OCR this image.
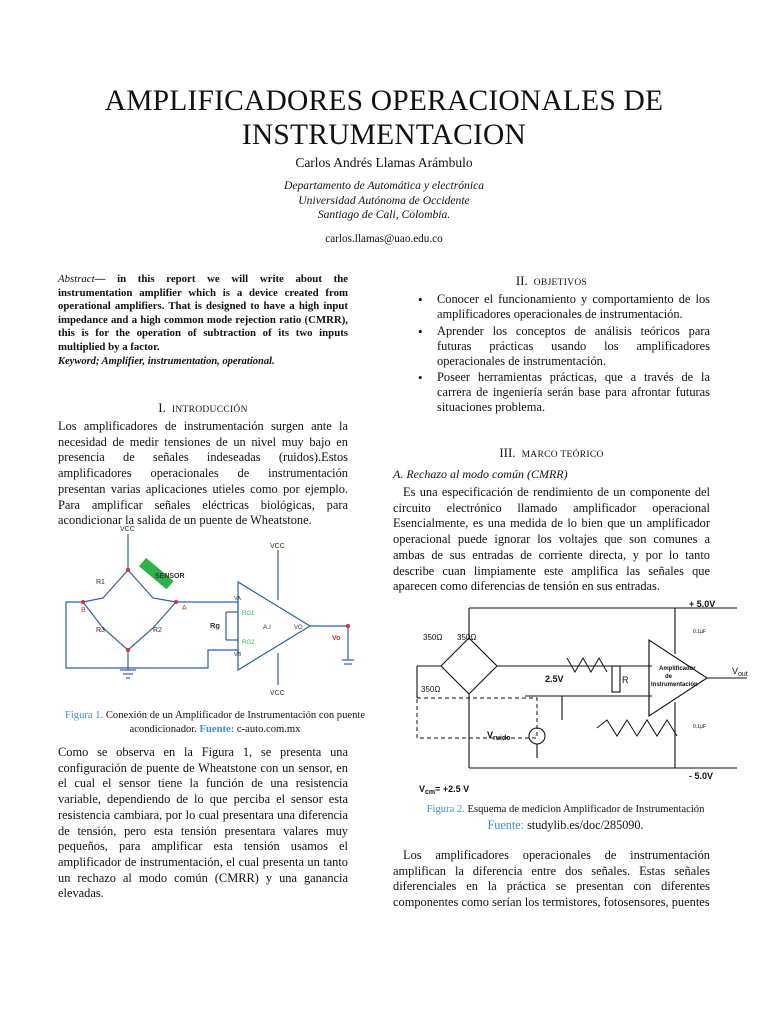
AMPLIFICADORES OPERACIONALES DE
INSTRUMENTACION
Carlos Andrés Llamas Arámbulo
Departamento de Automática y electrónica
Universidad Autónoma de Occidente
Santiago de Cali, Colombia.
carlos.llamas@uao.edu.co
Abstract— in this report we will write about the instrumentation amplifier which is a device created from operational amplifiers. That is designed to have a high input impedance and a high common mode rejection ratio (CMRR), this is for the operation of subtraction of its two inputs multiplied by a factor.
Keyword; Amplifier, instrumentation, operational.
I. INTRODUCCIÓN
Los amplificadores de instrumentación surgen ante la necesidad de medir tensiones de un nivel muy bajo en presencia de señales indeseadas (ruidos).Estos amplificadores operacionales de instrumentación presentan varias aplicaciones utieles como por ejemplo. Para amplificar señales eléctricas biológicas, para acondicionar la salida de un puente de Wheatstone.
VCC
VCC
VCC
SENSOR
R1
R2
R3
A
B
Rg
RG1
RG2
A.I	VO
VA
VB
Vo
Figura 1. Conexión de un Amplificador de Instrumentación con puente acondicionador. Fuente: c-auto.com.mx
Como se observa en la Figura 1, se presenta una configuración de puente de Wheatstone con un sensor, en el cual el sensor tiene la función de una resistencia variable, dependiendo de lo que perciba el sensor esta resistencia cambiara, por lo cual presentara una diferencia de tensión, pero esta tensión presentara valares muy pequeños, para amplificar esta tensión usamos el amplificador de instrumentación, el cual presenta un tanto un rechazo al modo común (CMRR) y una ganancia elevadas.
II. OBJETIVOS
• Conocer el funcionamiento y comportamiento de los amplificadores operacionales de instrumentación.
• Aprender los conceptos de análisis teóricos para futuras prácticas usando los amplificadores operacionales de instrumentación.
• Poseer herramientas prácticas, que a través de la carrera de ingeniería serán base para afrontar futuras situaciones problema.
III. MARCO TEÓRICO
A. Rechazo al modo común (CMRR)
Es una especificación de rendimiento de un componente del circuito electrónico llamado amplificador operacional Esencialmente, es una medida de lo bien que un amplificador operacional puede ignorar los voltajes que son comunes a ambas de sus entradas de corriente directa, y por lo tanto describe cuan limpiamente este amplifica las señales que aparecen como diferencias de tensión en sus entradas.
+ 5.0V
- 5.0V
350Ω 350Ω
350Ω
2.5V	R
Amplificador
de
Instrumentación
$V_{out}$
$V_{ruido}$
$V_{cm}= +2.5$ V
0.1µF
0.1µF
Figura 2. Esquema de medicion Amplificador de Instrumentación
Fuente: studylib.es/doc/285090.
Los amplificadores operacionales de instrumentación amplifican la diferencia entre dos señales. Estas señales diferenciales en la práctica se presentan con diferentes componentes como serían los termistores, fotosensores, puentes
